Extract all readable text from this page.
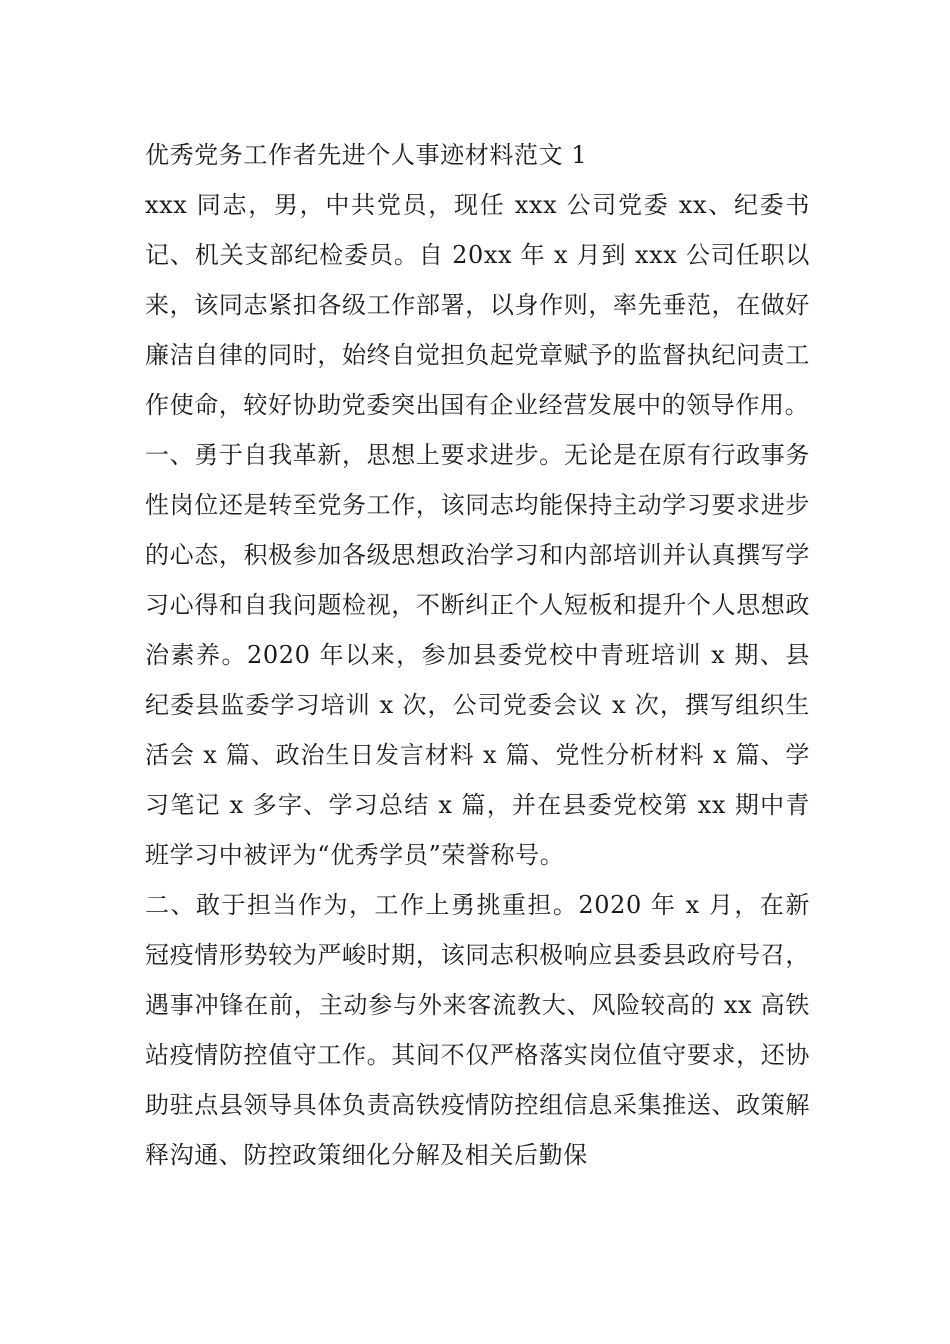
优秀党务工作者先进个人事迹材料范文 1

xxx 同志，男，中共党员，现任 xxx 公司党委 xx、纪委书记、机关支部纪检委员。自 20xx 年 x 月到 xxx 公司任职以来，该同志紧扣各级工作部署，以身作则，率先垂范，在做好廉洁自律的同时，始终自觉担负起党章赋予的监督执纪问责工作使命，较好协助党委突出国有企业经营发展中的领导作用。

一、勇于自我革新，思想上要求进步。无论是在原有行政事务性岗位还是转至党务工作，该同志均能保持主动学习要求进步的心态，积极参加各级思想政治学习和内部培训并认真撰写学习心得和自我问题检视，不断纠正个人短板和提升个人思想政治素养。2020 年以来，参加县委党校中青班培训 x 期、县纪委县监委学习培训 x 次，公司党委会议 x 次，撰写组织生活会 x 篇、政治生日发言材料 x 篇、党性分析材料 x 篇、学习笔记 x 多字、学习总结 x 篇，并在县委党校第 xx 期中青班学习中被评为“优秀学员”荣誉称号。

二、敢于担当作为，工作上勇挑重担。2020 年 x 月，在新冠疫情形势较为严峻时期，该同志积极响应县委县政府号召，遇事冲锋在前，主动参与外来客流教大、风险较高的 xx 高铁站疫情防控值守工作。其间不仅严格落实岗位值守要求，还协助驻点县领导具体负责高铁疫情防控组信息采集推送、政策解释沟通、防控政策细化分解及相关后勤保
